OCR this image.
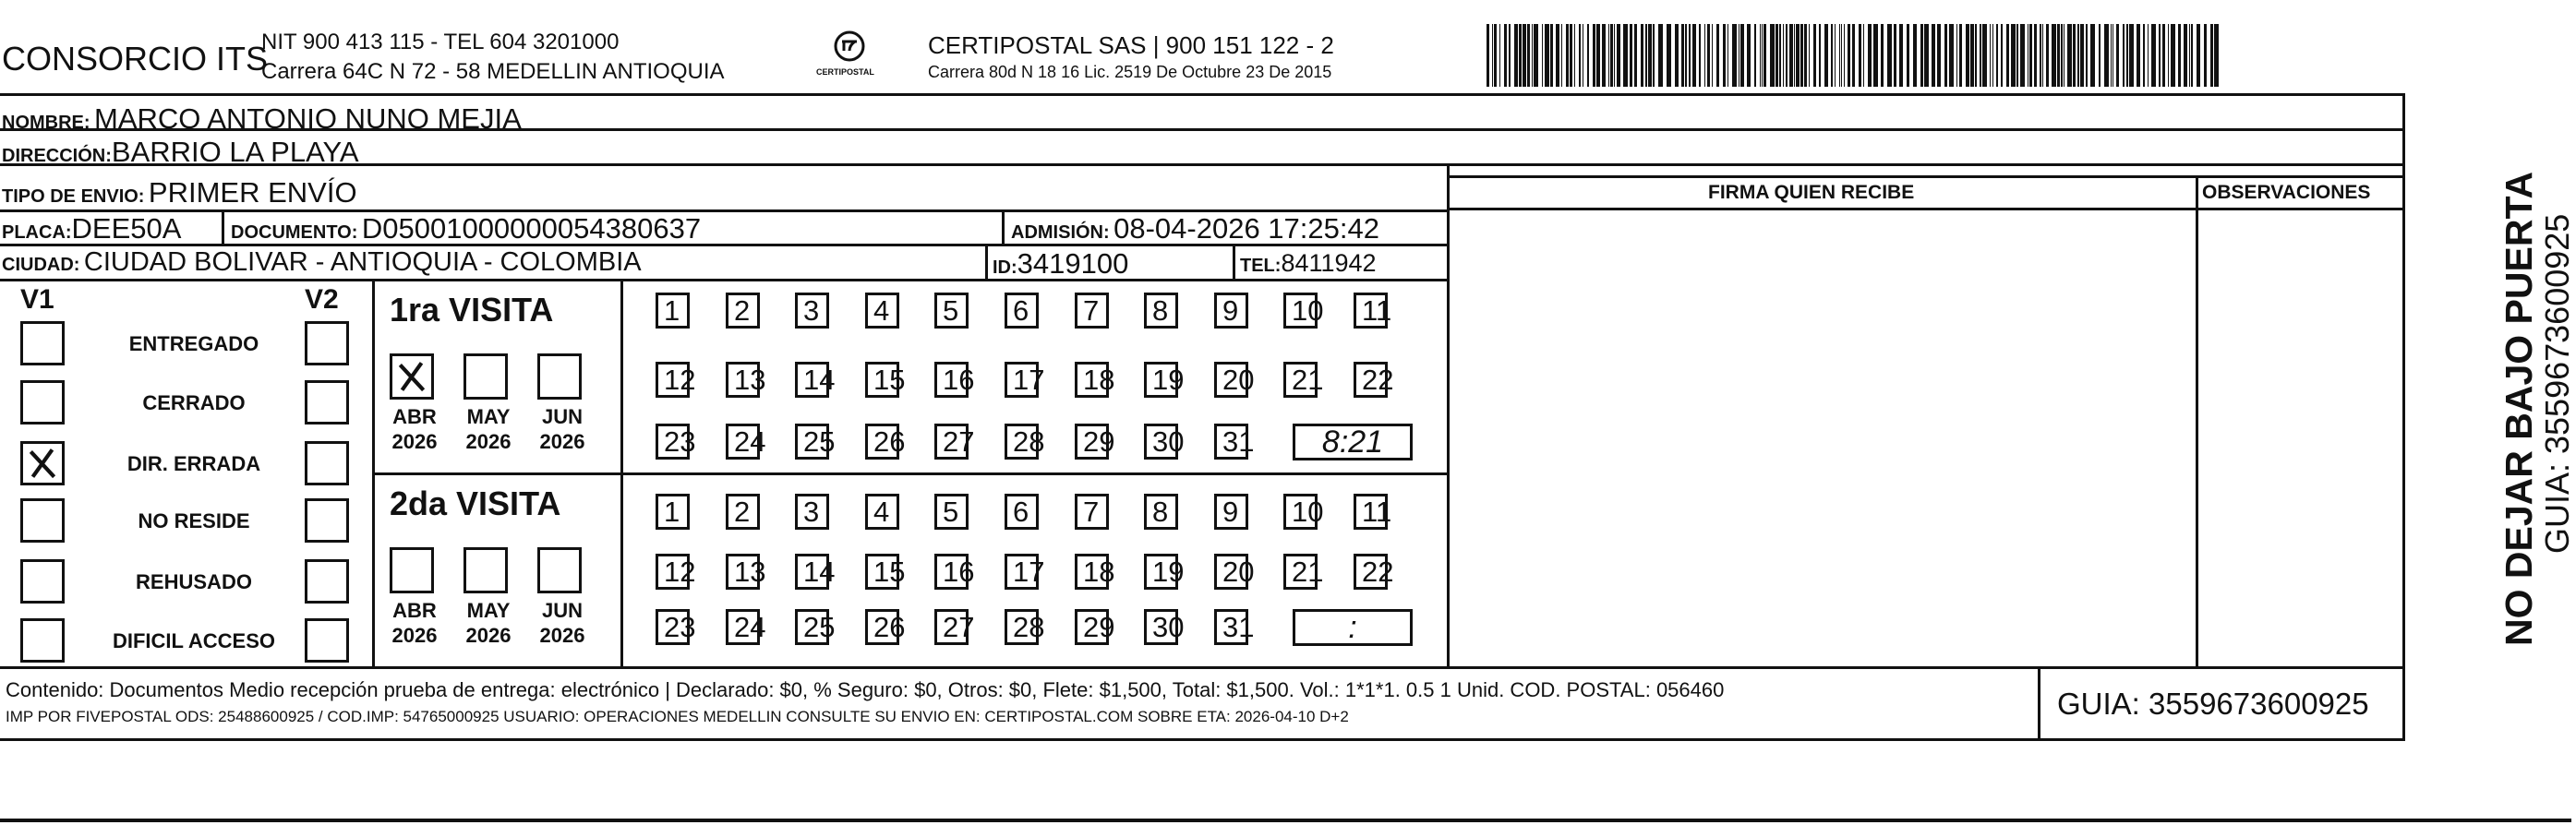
CONSORCIO ITS
NIT 900 413 115 - TEL 604 3201000
Carrera 64C N 72 - 58 MEDELLIN ANTIOQUIA	CERTIPOSTAL
CERTIPOSTAL SAS | 900 151 122 - 2
Carrera 80d N 18 16 Lic. 2519 De Octubre 23 De 2015
NOMBRE: MARCO ANTONIO NUNO MEJIA
DIRECCIÓN:BARRIO LA PLAYA
TIPO DE ENVIO: PRIMER ENVÍO
PLACA:DEE50A	DOCUMENTO: D05001000000054380637	ADMISIÓN: 08-04-2026 17:25:42
CIUDAD: CIUDAD BOLIVAR - ANTIOQUIA - COLOMBIA	ID:3419100	TEL:8411942
FIRMA QUIEN RECIBE	OBSERVACIONES
V1	V2
ENTREGADO
CERRADO
DIR. ERRADA
NO RESIDE
REHUSADO
DIFICIL ACCESO
1ra VISITA
ABR
2026
MAY
2026
JUN
2026
1	2	3	4	5	6	7	8	9	10 11
12 13 14 15 16 17 18 19 20 21 22
23 24 25 26 27 28 29 30 31	8:21
2da VISITA
ABR
2026
MAY
2026
JUN
2026
1	2	3	4	5	6	7	8	9	10 11
12 13 14 15 16 17 18 19 20 21 22
23 24 25 26 27 28 29 30 31	:
Contenido: Documentos Medio recepción prueba de entrega: electrónico | Declarado: $0, % Seguro: $0, Otros: $0, Flete: $1,500, Total: $1,500. Vol.: 1*1*1. 0.5 1 Unid. COD. POSTAL: 056460
IMP POR FIVEPOSTAL ODS: 25488600925 / COD.IMP: 54765000925 USUARIO: OPERACIONES MEDELLIN CONSULTE SU ENVIO EN: CERTIPOSTAL.COM SOBRE ETA: 2026-04-10 D+2	GUIA: 3559673600925
NO DEJAR BAJO PUERTA
GUIA: 3559673600925
